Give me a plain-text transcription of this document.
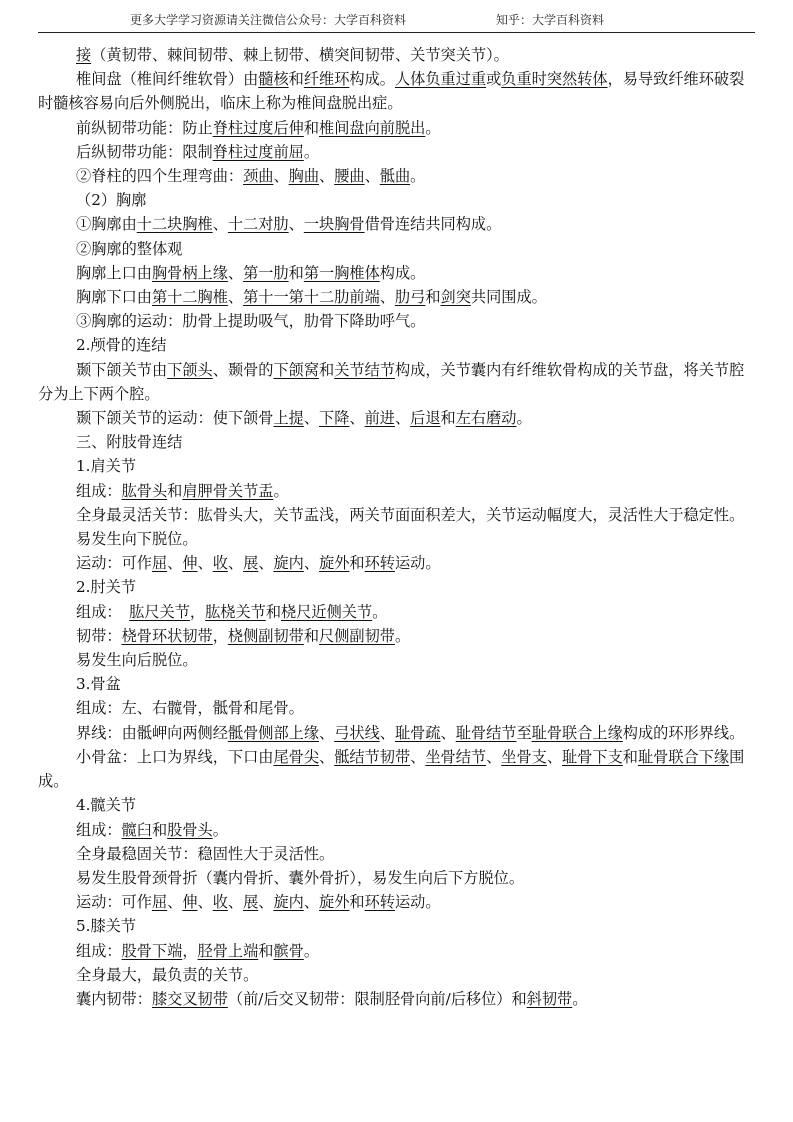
更多大学学习资源请关注微信公众号：大学百科资料	知乎：大学百科资料

接（黄韧带、棘间韧带、棘上韧带、横突间韧带、关节突关节）。

椎间盘（椎间纤维软骨）由髓核和纤维环构成。人体负重过重或负重时突然转体，易导致纤维环破裂时髓核容易向后外侧脱出，临床上称为椎间盘脱出症。

前纵韧带功能：防止脊柱过度后伸和椎间盘向前脱出。

后纵韧带功能：限制脊柱过度前屈。

②脊柱的四个生理弯曲：颈曲、胸曲、腰曲、骶曲。

（2）胸廓

①胸廓由十二块胸椎、十二对肋、一块胸骨借骨连结共同构成。

②胸廓的整体观

胸廓上口由胸骨柄上缘、第一肋和第一胸椎体构成。

胸廓下口由第十二胸椎、第十一第十二肋前端、肋弓和剑突共同围成。

③胸廓的运动：肋骨上提助吸气，肋骨下降助呼气。

2.颅骨的连结

颞下颌关节由下颌头、颞骨的下颌窝和关节结节构成，关节囊内有纤维软骨构成的关节盘，将关节腔分为上下两个腔。

颞下颌关节的运动：使下颌骨上提、下降、前进、后退和左右磨动。

三、附肢骨连结

1.肩关节

组成：肱骨头和肩胛骨关节盂。

全身最灵活关节：肱骨头大，关节盂浅，两关节面面积差大，关节运动幅度大，灵活性大于稳定性。

易发生向下脱位。

运动：可作屈、伸、收、展、旋内、旋外和环转运动。

2.肘关节

组成：　肱尺关节，肱桡关节和桡尺近侧关节。

韧带：桡骨环状韧带，桡侧副韧带和尺侧副韧带。

易发生向后脱位。

3.骨盆

组成：左、右髋骨，骶骨和尾骨。

界线：由骶岬向两侧经骶骨侧部上缘、弓状线、耻骨疏、耻骨结节至耻骨联合上缘构成的环形界线。

小骨盆：上口为界线，下口由尾骨尖、骶结节韧带、坐骨结节、坐骨支、耻骨下支和耻骨联合下缘围成。

4.髋关节

组成：髋臼和股骨头。

全身最稳固关节：稳固性大于灵活性。

易发生股骨颈骨折（囊内骨折、囊外骨折），易发生向后下方脱位。

运动：可作屈、伸、收、展、旋内、旋外和环转运动。

5.膝关节

组成：股骨下端，胫骨上端和髌骨。

全身最大，最负责的关节。

囊内韧带：膝交叉韧带（前/后交叉韧带：限制胫骨向前/后移位）和斜韧带。
